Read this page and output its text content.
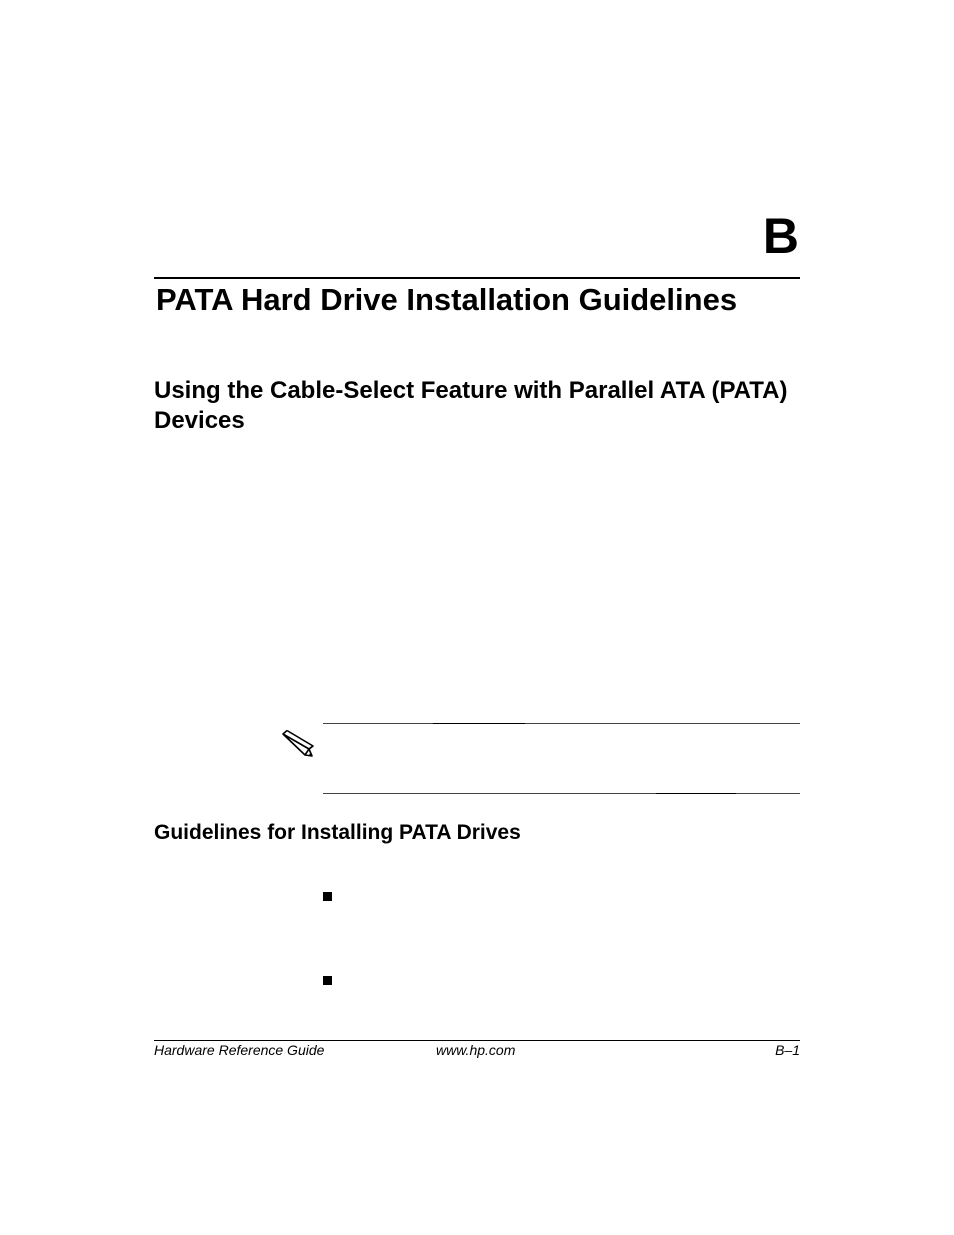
B
PATA Hard Drive Installation Guidelines
Using the Cable-Select Feature with Parallel ATA (PATA) Devices
Guidelines for Installing PATA Drives
Hardware Reference Guide	www.hp.com	B–1
